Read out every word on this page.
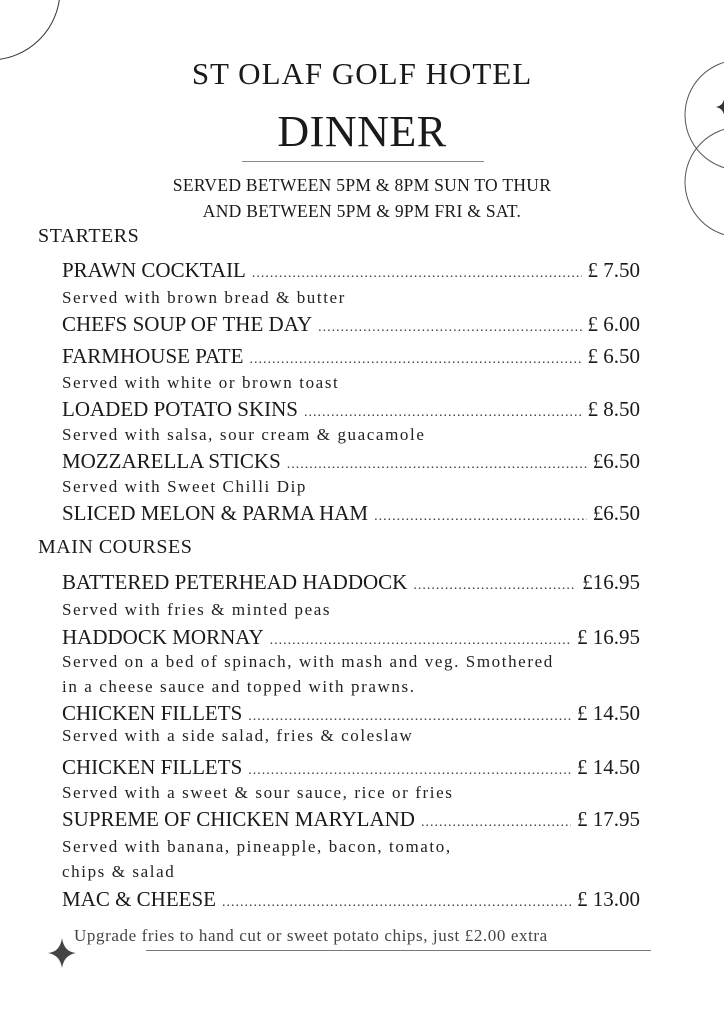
ST OLAF GOLF HOTEL
DINNER
SERVED BETWEEN 5PM & 8PM SUN TO THUR
AND BETWEEN 5PM & 9PM FRI & SAT.
Upgrade fries to hand cut or sweet potato chips, just £2.00 extra
STARTERS
PRAWN COCKTAIL .....	£ 7.50
Served with brown bread & butter
CHEFS SOUP OF THE DAY .....	£ 6.00
FARMHOUSE PATE .....	£ 6.50
Served with white or brown toast
LOADED POTATO SKINS .....	£ 8.50
Served with salsa, sour cream & guacamole
MOZZARELLA STICKS .....	£6.50
Served with Sweet Chilli Dip
SLICED MELON & PARMA HAM .....	£6.50
MAIN COURSES
BATTERED PETERHEAD HADDOCK .....	£16.95
Served with fries & minted peas
HADDOCK MORNAY .....	£ 16.95
Served on a bed of spinach, with mash and veg. Smothered
in a cheese sauce and topped with prawns.
CHICKEN FILLETS .....	£ 14.50
Served with a side salad, fries & coleslaw
CHICKEN FILLETS .....	£ 14.50
Served with a sweet & sour sauce, rice or fries
SUPREME OF CHICKEN MARYLAND .....	£ 17.95
Served with banana, pineapple, bacon, tomato,
chips & salad
MAC & CHEESE .....	£ 13.00
